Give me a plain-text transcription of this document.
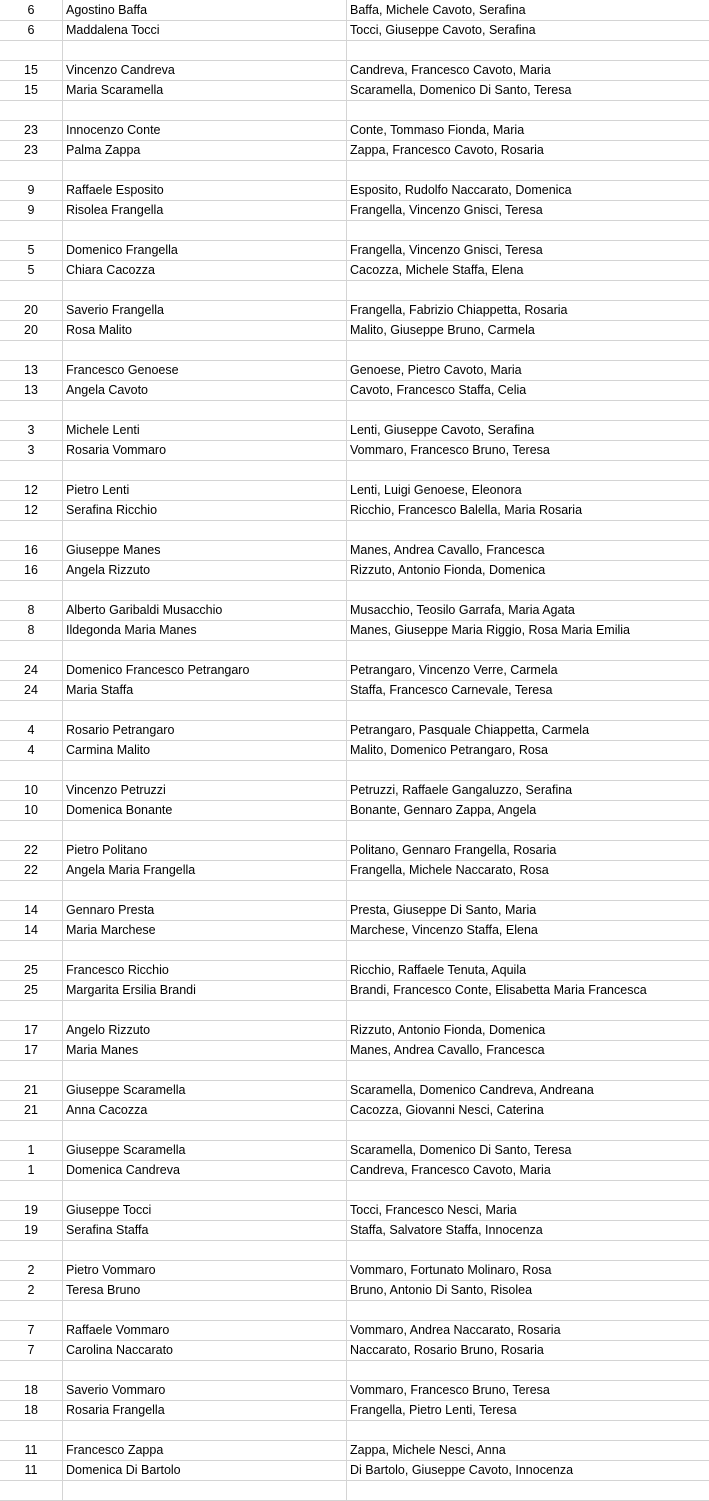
6	Agostino Baffa	Baffa, Michele Cavoto, Serafina
6	Maddalena Tocci	Tocci, Giuseppe Cavoto, Serafina

15	Vincenzo Candreva	Candreva, Francesco Cavoto, Maria
15	Maria Scaramella	Scaramella, Domenico Di Santo, Teresa

23	Innocenzo Conte	Conte, Tommaso Fionda, Maria
23	Palma Zappa	Zappa, Francesco Cavoto, Rosaria

9	Raffaele Esposito	Esposito, Rudolfo Naccarato, Domenica
9	Risolea Frangella	Frangella, Vincenzo Gnisci, Teresa

5	Domenico Frangella	Frangella, Vincenzo Gnisci, Teresa
5	Chiara Cacozza	Cacozza, Michele Staffa, Elena

20	Saverio Frangella	Frangella, Fabrizio Chiappetta, Rosaria
20	Rosa Malito	Malito, Giuseppe Bruno, Carmela

13	Francesco Genoese	Genoese, Pietro Cavoto, Maria
13	Angela Cavoto	Cavoto, Francesco Staffa, Celia

3	Michele Lenti	Lenti, Giuseppe Cavoto, Serafina
3	Rosaria Vommaro	Vommaro, Francesco Bruno, Teresa

12	Pietro Lenti	Lenti, Luigi Genoese, Eleonora
12	Serafina Ricchio	Ricchio, Francesco Balella, Maria Rosaria

16	Giuseppe Manes	Manes, Andrea Cavallo, Francesca
16	Angela Rizzuto	Rizzuto, Antonio Fionda, Domenica

8	Alberto Garibaldi Musacchio	Musacchio, Teosilo Garrafa, Maria Agata
8	Ildegonda Maria Manes	Manes, Giuseppe Maria Riggio, Rosa Maria Emilia

24	Domenico Francesco Petrangaro	Petrangaro, Vincenzo Verre, Carmela
24	Maria Staffa	Staffa, Francesco Carnevale, Teresa

4	Rosario Petrangaro	Petrangaro, Pasquale Chiappetta, Carmela
4	Carmina Malito	Malito, Domenico Petrangaro, Rosa

10	Vincenzo Petruzzi	Petruzzi, Raffaele Gangaluzzo, Serafina
10	Domenica Bonante	Bonante, Gennaro Zappa, Angela

22	Pietro Politano	Politano, Gennaro Frangella, Rosaria
22	Angela Maria Frangella	Frangella, Michele Naccarato, Rosa

14	Gennaro Presta	Presta, Giuseppe Di Santo, Maria
14	Maria Marchese	Marchese, Vincenzo Staffa, Elena

25	Francesco Ricchio	Ricchio, Raffaele Tenuta, Aquila
25	Margarita Ersilia Brandi	Brandi, Francesco Conte, Elisabetta Maria Francesca

17	Angelo Rizzuto	Rizzuto, Antonio Fionda, Domenica
17	Maria Manes	Manes, Andrea Cavallo, Francesca

21	Giuseppe Scaramella	Scaramella, Domenico Candreva, Andreana
21	Anna Cacozza	Cacozza, Giovanni Nesci, Caterina

1	Giuseppe Scaramella	Scaramella, Domenico Di Santo, Teresa
1	Domenica Candreva	Candreva, Francesco Cavoto, Maria

19	Giuseppe Tocci	Tocci, Francesco Nesci, Maria
19	Serafina Staffa	Staffa, Salvatore Staffa, Innocenza

2	Pietro Vommaro	Vommaro, Fortunato Molinaro, Rosa
2	Teresa Bruno	Bruno, Antonio Di Santo, Risolea

7	Raffaele Vommaro	Vommaro, Andrea Naccarato, Rosaria
7	Carolina Naccarato	Naccarato, Rosario Bruno, Rosaria

18	Saverio Vommaro	Vommaro, Francesco Bruno, Teresa
18	Rosaria Frangella	Frangella, Pietro Lenti, Teresa

11	Francesco Zappa	Zappa, Michele Nesci, Anna
11	Domenica Di Bartolo	Di Bartolo, Giuseppe Cavoto, Innocenza
